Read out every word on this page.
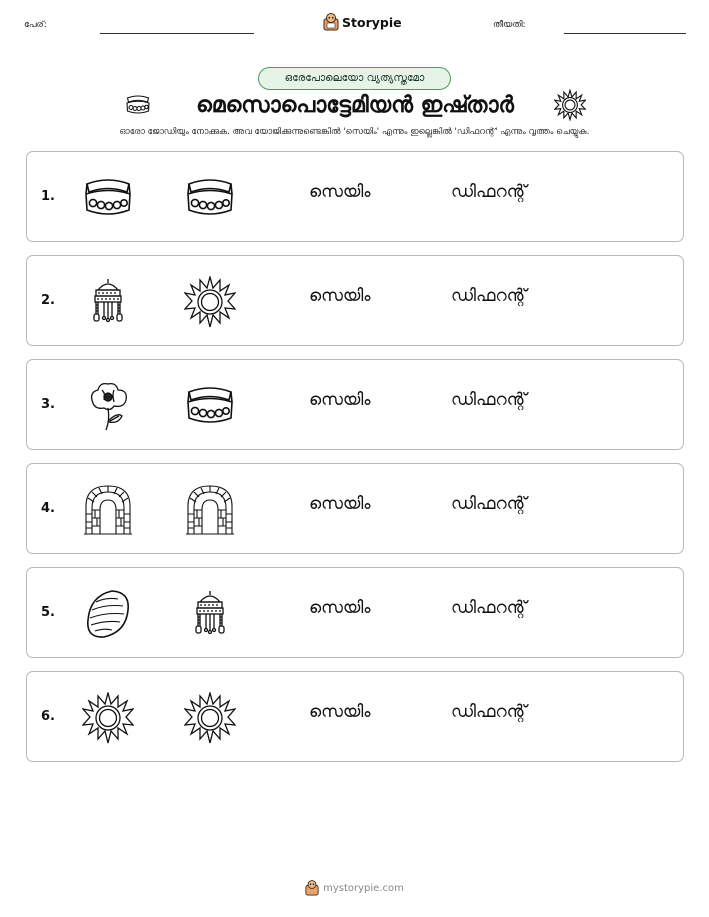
പേര്:	Storypie	തീയതി:
ഒരേപോലെയോ വ്യത്യസ്തമോ
മെസൊപൊട്ടേമിയൻ ഇഷ്താർ
ഓരോ ജോഡിയും നോക്കുക. അവ യോജിക്കുന്നുണ്ടെങ്കിൽ 'സെയിം' എന്നും ഇല്ലെങ്കിൽ 'ഡിഫറന്റ്' എന്നും വൃത്തം ചെയ്യുക.
1.	സെയിം	ഡിഫറന്റ്
2.	സെയിം	ഡിഫറന്റ്
3.	സെയിം	ഡിഫറന്റ്
4.	സെയിം	ഡിഫറന്റ്
5.	സെയിം	ഡിഫറന്റ്
6.	സെയിം	ഡിഫറന്റ്
mystorypie.com
